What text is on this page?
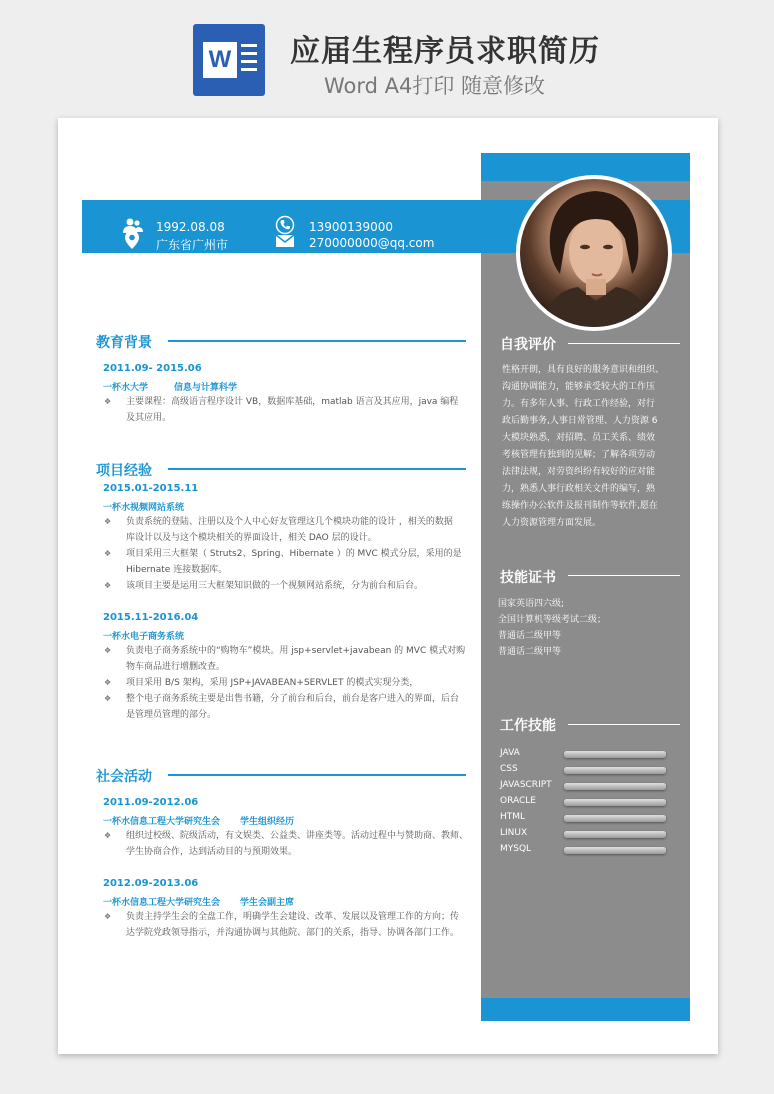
W 应届生程序员求职简历
Word A4打印 随意修改
1992.08.08	13900139000
广东省广州市	270000000@qq.com
教育背景
2011.09- 2015.06
一杯水大学	信息与计算科学
❖ 主要课程：高级语言程序设计 VB，数据库基础，matlab 语言及其应用，java 编程
及其应用。
项目经验
2015.01-2015.11
一杯水视频网站系统
❖ 负责系统的登陆、注册以及个人中心好友管理这几个模块功能的设计 ，相关的数据
库设计以及与这个模块相关的界面设计，相关 DAO 层的设计。
❖ 项目采用三大框架（ Struts2、Spring、Hibernate ）的 MVC 模式分层，采用的是
Hibernate 连接数据库。
❖ 该项目主要是运用三大框架知识做的一个视频网站系统，分为前台和后台。
2015.11-2016.04
一杯水电子商务系统
❖ 负责电子商务系统中的“购物车”模块。用 jsp+servlet+javabean 的 MVC 模式对购
物车商品进行增删改查。
❖ 项目采用 B/S 架构，采用 JSP+JAVABEAN+SERVLET 的模式实现分类，
❖ 整个电子商务系统主要是出售书籍，分了前台和后台，前台是客户进入的界面，后台
是管理员管理的部分。
社会活动
2011.09-2012.06
一杯水信息工程大学研究生会 学生组织经历
❖ 组织过校级、院级活动，有文娱类、公益类、讲座类等。活动过程中与赞助商、教师、
学生协商合作，达到活动目的与预期效果。
2012.09-2013.06
一杯水信息工程大学研究生会 学生会副主席
❖ 负责主持学生会的全盘工作，明确学生会建设、改革、发展以及管理工作的方向；传
达学院党政领导指示，并沟通协调与其他院、部门的关系，指导、协调各部门工作。
自我评价
性格开朗，具有良好的服务意识和组织、
沟通协调能力，能够承受较大的工作压
力。有多年人事、行政工作经验，对行
政后勤事务,人事日常管理、人力资源 6
大模块熟悉，对招聘、员工关系、绩效
考核管理有独到的见解；了解各项劳动
法律法规，对劳资纠纷有较好的应对能
力，熟悉人事行政相关文件的编写，熟
练操作办公软件及报刊制作等软件,愿在
人力资源管理方面发展。
技能证书
国家英语四六级;
全国计算机等级考试二级；
普通话二级甲等
普通话二级甲等
工作技能
JAVA
CSS
JAVASCRIPT
ORACLE
HTML
LINUX
MYSQL
